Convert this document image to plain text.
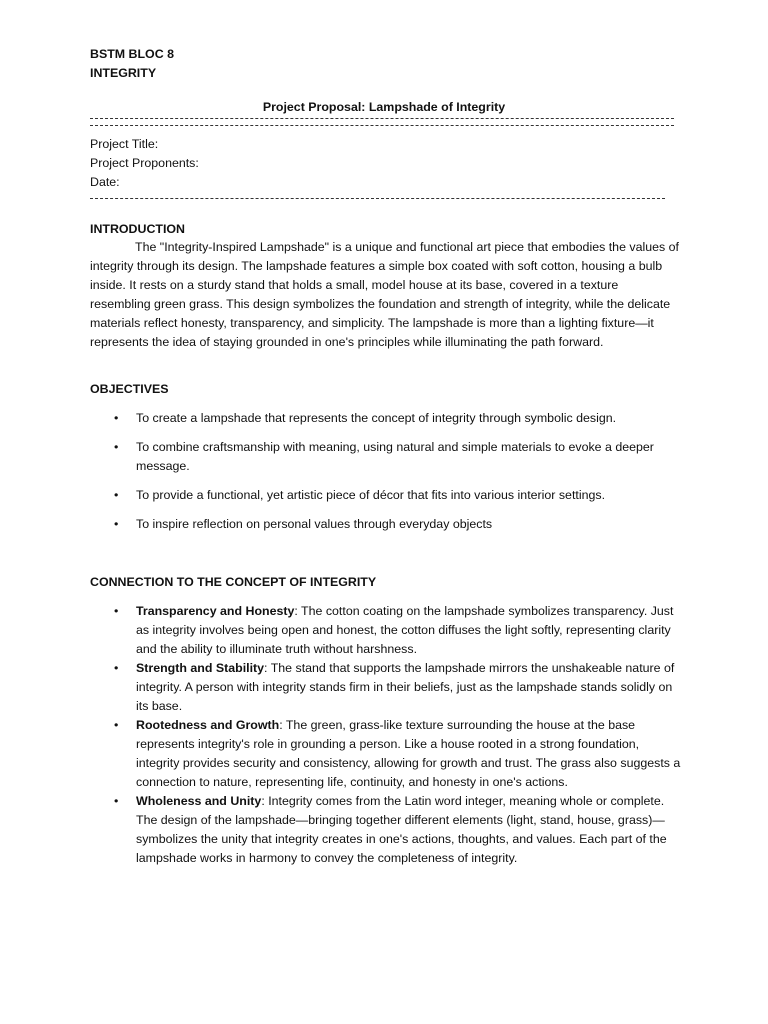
BSTM BLOC 8
INTEGRITY
Project Proposal: Lampshade of Integrity
Project Title:
Project Proponents:
Date:
INTRODUCTION
The "Integrity-Inspired Lampshade" is a unique and functional art piece that embodies the values of integrity through its design. The lampshade features a simple box coated with soft cotton, housing a bulb inside. It rests on a sturdy stand that holds a small, model house at its base, covered in a texture resembling green grass. This design symbolizes the foundation and strength of integrity, while the delicate materials reflect honesty, transparency, and simplicity. The lampshade is more than a lighting fixture—it represents the idea of staying grounded in one's principles while illuminating the path forward.
OBJECTIVES
• To create a lampshade that represents the concept of integrity through symbolic design.
• To combine craftsmanship with meaning, using natural and simple materials to evoke a deeper message.
• To provide a functional, yet artistic piece of décor that fits into various interior settings.
• To inspire reflection on personal values through everyday objects
CONNECTION TO THE CONCEPT OF INTEGRITY
• Transparency and Honesty: The cotton coating on the lampshade symbolizes transparency. Just as integrity involves being open and honest, the cotton diffuses the light softly, representing clarity and the ability to illuminate truth without harshness.
• Strength and Stability: The stand that supports the lampshade mirrors the unshakeable nature of integrity. A person with integrity stands firm in their beliefs, just as the lampshade stands solidly on its base.
• Rootedness and Growth: The green, grass-like texture surrounding the house at the base represents integrity's role in grounding a person. Like a house rooted in a strong foundation, integrity provides security and consistency, allowing for growth and trust. The grass also suggests a connection to nature, representing life, continuity, and honesty in one's actions.
• Wholeness and Unity: Integrity comes from the Latin word integer, meaning whole or complete. The design of the lampshade—bringing together different elements (light, stand, house, grass)—symbolizes the unity that integrity creates in one's actions, thoughts, and values. Each part of the lampshade works in harmony to convey the completeness of integrity.
